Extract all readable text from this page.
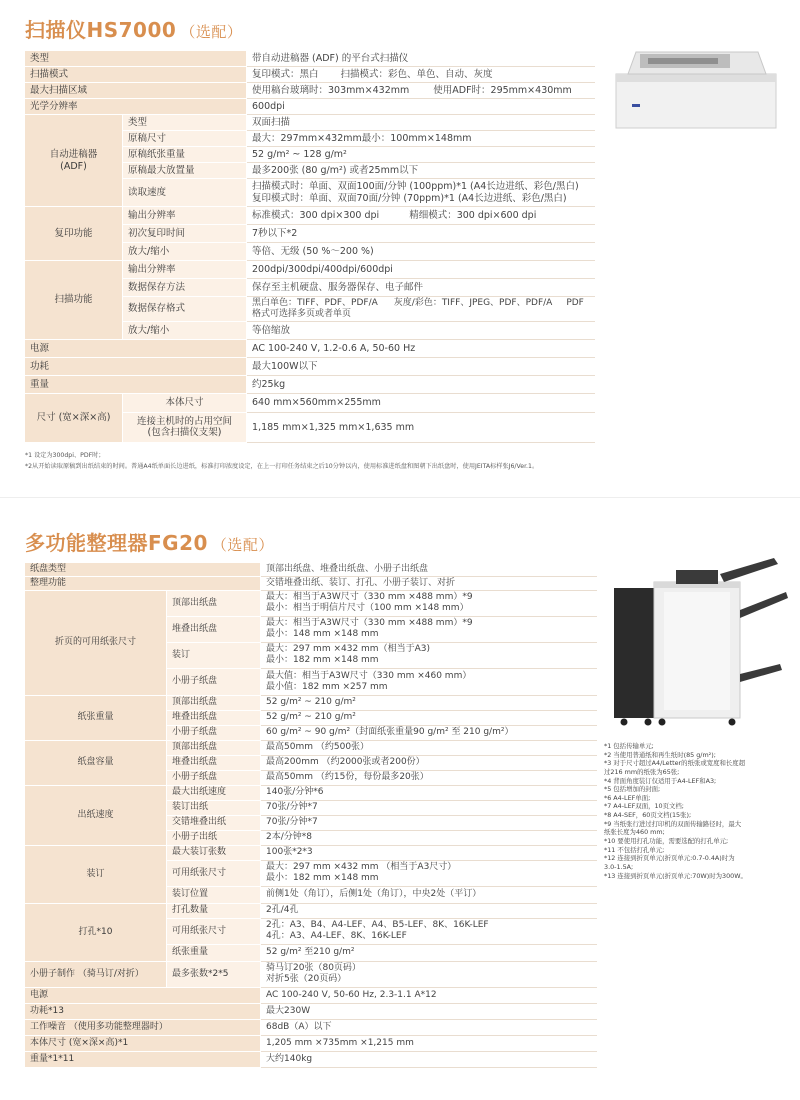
扫描仪HS7000 （选配）
类型		带自动进稿器 (ADF) 的平台式扫描仪
扫描模式		复印模式：黑白 扫描模式：彩色、单色、自动、灰度
最大扫描区域		使用稿台玻璃时：303mm×432mm 使用ADF时：295mm×430mm
光学分辨率		600dpi
自动进稿器
(ADF)	类型	双面扫描
	原稿尺寸	最大：297mm×432mm最小：100mm×148mm
	原稿纸张重量	52 g/m² ~ 128 g/m²
	原稿最大放置量	最多200张 (80 g/m²) 或者25mm以下
	读取速度	扫描模式时：单面、双面100面/分钟 (100ppm)*1 (A4长边进纸、彩色/黑白)
复印模式时：单面、双面70面/分钟 (70ppm)*1 (A4长边进纸、彩色/黑白)
复印功能	输出分辨率	标准模式：300 dpi×300 dpi 精细模式：300 dpi×600 dpi
	初次复印时间	7秒以下*2
	放大/缩小	等倍、无级 (50 %～200 %)
扫描功能	输出分辨率	200dpi/300dpi/400dpi/600dpi
	数据保存方法	保存至主机硬盘、服务器保存、电子邮件
	数据保存格式	黑白单色：TIFF、PDF、PDF/A 灰度/彩色：TIFF、JPEG、PDF、PDF/A PDF格式可选择多页或者单页
	放大/缩小	等倍缩放
电源		AC 100-240 V, 1.2-0.6 A, 50-60 Hz
功耗		最大100W以下
重量		约25kg
尺寸 (宽×深×高)	本体尺寸	640 mm×560mm×255mm
	连接主机时的占用空间
(包含扫描仪支架)	1,185 mm×1,325 mm×1,635 mm
*1 设定为300dpi、PDF时；
*2从开始读取原稿到出纸结束的时间。普通A4纸单面长边进纸，标准打印浓度设定，在上一打印任务结束之后10分钟以内，使用标准进纸盘和图朝下出纸盘时，使用JEITA标样张J6/Ver.1。
多功能整理器FG20 （选配）
纸盘类型		顶部出纸盘、堆叠出纸盘、小册子出纸盘
整理功能		交错堆叠出纸、装订、打孔、小册子装订、对折
折页的可用纸张尺寸	顶部出纸盘	最大：相当于A3W尺寸（330 mm ×488 mm）*9
最小：相当于明信片尺寸（100 mm ×148 mm）
	堆叠出纸盘	最大：相当于A3W尺寸（330 mm ×488 mm）*9
最小：148 mm ×148 mm
	装订	最大：297 mm ×432 mm（相当于A3)
最小：182 mm ×148 mm
	小册子纸盘	最大值：相当于A3W尺寸（330 mm ×460 mm）
最小值：182 mm ×257 mm
纸张重量	顶部出纸盘	52 g/m² ~ 210 g/m²
	堆叠出纸盘	52 g/m² ~ 210 g/m²
	小册子纸盘	60 g/m² ~ 90 g/m²（封面纸张重量90 g/m² 至 210 g/m²）
纸盘容量	顶部出纸盘	最高50mm （约500张）
	堆叠出纸盘	最高200mm （约2000张或者200份）
	小册子纸盘	最高50mm （约15份，每份最多20张）
出纸速度	最大出纸速度	140张/分钟*6
	装订出纸	70张/分钟*7
	交错堆叠出纸	70张/分钟*7
	小册子出纸	2本/分钟*8
装订	最大装订张数	100张*2*3
	可用纸张尺寸	最大：297 mm ×432 mm （相当于A3尺寸）
最小：182 mm ×148 mm
	装订位置	前侧1处（角订），后侧1处（角订），中央2处（平订）
打孔*10	打孔数量	2孔/4孔
	可用纸张尺寸	2孔：A3、B4、A4-LEF、A4、B5-LEF、8K、16K-LEF
4孔：A3、A4-LEF、8K、16K-LEF
	纸张重量	52 g/m² 至210 g/m²
小册子制作 （骑马订/对折）	最多张数*2*5	骑马订20张（80页码）
对折5张（20页码）
电源		AC 100-240 V, 50-60 Hz, 2.3-1.1 A*12
功耗*13		最大230W
工作噪音 （使用多功能整理器时）		68dB（A）以下
本体尺寸 (宽×深×高)*1		1,205 mm ×735mm ×1,215 mm
重量*1*11		大约140kg
*1 包括传输单元;
*2 当使用普通纸和再生纸时(85 g/m²);
*3 对于尺寸超过A4/Letter的纸张或宽度和长度超
过216 mm的纸张为65张;
*4 背面角度装订仅适用于A4-LEF和A3;
*5 包括增加的封面;
*6 A4-LEF单面;
*7 A4-LEF双面，10页文档;
*8 A4-SEF，60页文档(15张);
*9 当纸张行进过打印机的双面传输路径时，最大
纸张长度为460 mm;
*10 要使用打孔功能，需要选配的打孔单元;
*11 不包括打孔单元;
*12 连接到折页单元(折页单元:0.7-0.4A)时为
3.0-1.5A;
*13 连接到折页单元(折页单元:70W)时为300W。
